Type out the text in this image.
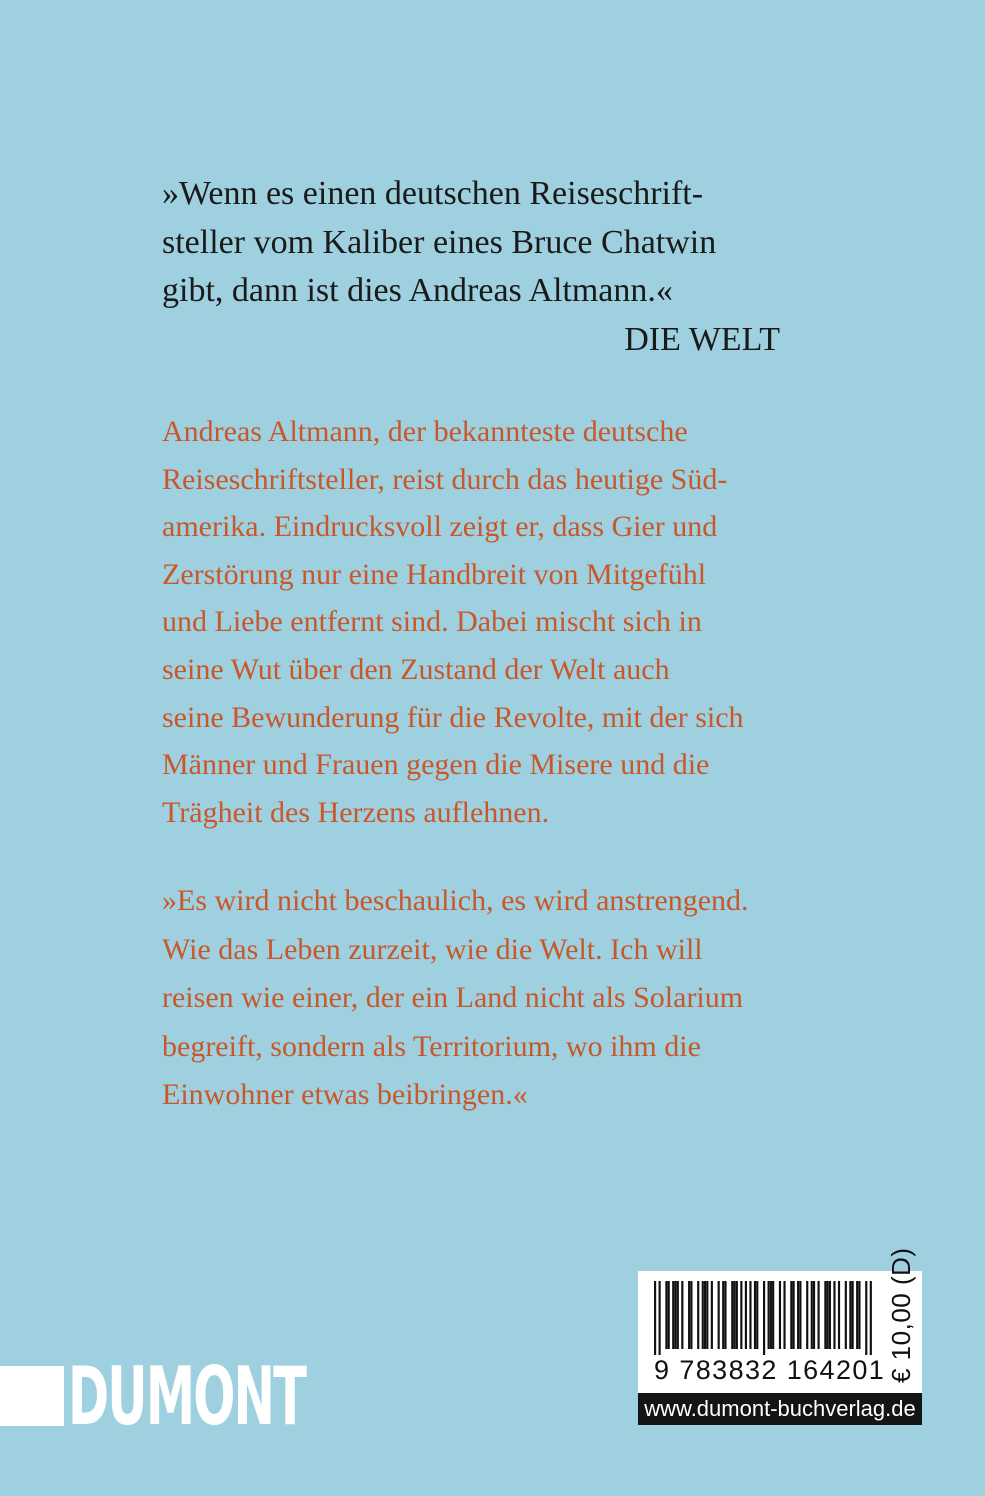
»Wenn es einen deutschen Reiseschrift-
steller vom Kaliber eines Bruce Chatwin
gibt, dann ist dies Andreas Altmann.«
DIE WELT
Andreas Altmann, der bekannteste deutsche
Reiseschriftsteller, reist durch das heutige Süd-
amerika. Eindrucksvoll zeigt er, dass Gier und
Zerstörung nur eine Handbreit von Mitgefühl
und Liebe entfernt sind. Dabei mischt sich in
seine Wut über den Zustand der Welt auch
seine Bewunderung für die Revolte, mit der sich
Männer und Frauen gegen die Misere und die
Trägheit des Herzens auflehnen.
»Es wird nicht beschaulich, es wird anstrengend.
Wie das Leben zurzeit, wie die Welt. Ich will
reisen wie einer, der ein Land nicht als Solarium
begreift, sondern als Territorium, wo ihm die
Einwohner etwas beibringen.«
DUMONT	9 783832 164201 € 10,00 (D)
www.dumont-buchverlag.de
